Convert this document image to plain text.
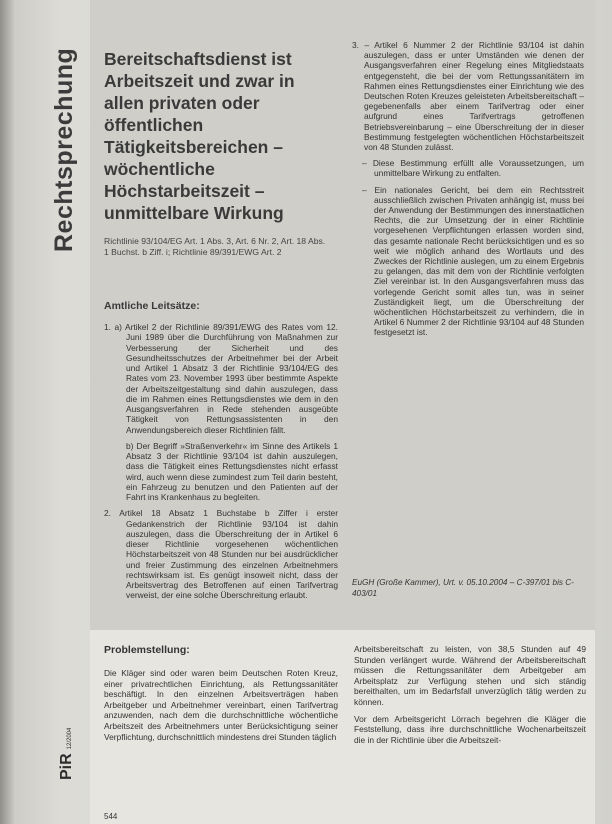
Rechtsprechung Bereitschaftsdienst ist Arbeitszeit und zwar in allen privaten oder öffentlichen Tätigkeitsbereichen – wöchentliche Höchstarbeitszeit – unmittelbare Wirkung
Richtlinie 93/104/EG Art. 1 Abs. 3, Art. 6 Nr. 2, Art. 18 Abs. 1 Buchst. b Ziff. i; Richtlinie 89/391/EWG Art. 2
Amtliche Leitsätze:

1. a) Artikel 2 der Richtlinie 89/391/EWG des Rates vom 12. Juni 1989 über die Durchführung von Maßnahmen zur Verbesserung der Sicherheit und des Gesundheitsschutzes der Arbeitnehmer bei der Arbeit und Artikel 1 Absatz 3 der Richtlinie 93/104/EG des Rates vom 23. November 1993 über bestimmte Aspekte der Arbeitszeitgestaltung sind dahin auszulegen, dass die im Rahmen eines Rettungsdienstes wie dem in den Ausgangsverfahren in Rede stehenden ausgeübte Tätigkeit von Rettungsassistenten in den Anwendungsbereich dieser Richtlinien fällt.

b) Der Begriff »Straßenverkehr« im Sinne des Artikels 1 Absatz 3 der Richtlinie 93/104 ist dahin auszulegen, dass die Tätigkeit eines Rettungsdienstes nicht erfasst wird, auch wenn diese zumindest zum Teil darin besteht, ein Fahrzeug zu benutzen und den Patienten auf der Fahrt ins Krankenhaus zu begleiten.

2. Artikel 18 Absatz 1 Buchstabe b Ziffer i erster Gedankenstrich der Richtlinie 93/104 ist dahin auszulegen, dass die Überschreitung der in Artikel 6 dieser Richtlinie vorgesehenen wöchentlichen Höchstarbeitszeit von 48 Stunden nur bei ausdrücklicher und freier Zustimmung des einzelnen Arbeitnehmers rechtswirksam ist. Es genügt insoweit nicht, dass der Arbeitsvertrag des Betroffenen auf einen Tarifvertrag verweist, der eine solche Überschreitung erlaubt.

3. – Artikel 6 Nummer 2 der Richtlinie 93/104 ist dahin auszulegen, dass er unter Umständen wie denen der Ausgangsverfahren einer Regelung eines Mitgliedstaats entgegensteht, die bei der vom Rettungssanitätern im Rahmen eines Rettungsdienstes einer Einrichtung wie des Deutschen Roten Kreuzes geleisteten Arbeitsbereitschaft – gegebenenfalls aber einem Tarifvertrag oder einer aufgrund eines Tarifvertrags getroffenen Betriebsvereinbarung – eine Überschreitung der in dieser Bestimmung festgelegten wöchentlichen Höchstarbeitszeit von 48 Stunden zulässt.

– Diese Bestimmung erfüllt alle Voraussetzungen, um unmittelbare Wirkung zu entfalten.

– Ein nationales Gericht, bei dem ein Rechtsstreit ausschließlich zwischen Privaten anhängig ist, muss bei der Anwendung der Bestimmungen des innerstaatlichen Rechts, die zur Umsetzung der in einer Richtlinie vorgesehenen Verpflichtungen erlassen worden sind, das gesamte nationale Recht berücksichtigen und es so weit wie möglich anhand des Wortlauts und des Zweckes der Richtlinie auslegen, um zu einem Ergebnis zu gelangen, das mit dem von der Richtlinie verfolgten Ziel vereinbar ist. In den Ausgangsverfahren muss das vorlegende Gericht somit alles tun, was in seiner Zuständigkeit liegt, um die Überschreitung der wöchentlichen Höchstarbeitszeit zu verhindern, die in Artikel 6 Nummer 2 der Richtlinie 93/104 auf 48 Stunden festgesetzt ist.

EuGH (Große Kammer), Urt. v. 05.10.2004 – C-397/01 bis C-403/01
Problemstellung:

Die Kläger sind oder waren beim Deutschen Roten Kreuz, einer privatrechtlichen Einrichtung, als Rettungssanitäter beschäftigt. In den einzelnen Arbeitsverträgen haben Arbeitgeber und Arbeitnehmer vereinbart, einen Tarifvertrag anzuwenden, nach dem die durchschnittliche wöchentliche Arbeitszeit des Arbeitnehmers unter Berücksichtigung seiner Verpflichtung, durchschnittlich mindestens drei Stunden täglich

Arbeitsbereitschaft zu leisten, von 38,5 Stunden auf 49 Stunden verlängert wurde. Während der Arbeitsbereitschaft müssen die Rettungssanitäter dem Arbeitgeber am Arbeitsplatz zur Verfügung stehen und sich ständig bereithalten, um im Bedarfsfall unverzüglich tätig werden zu können.

Vor dem Arbeitsgericht Lörrach begehren die Kläger die Feststellung, dass ihre durchschnittliche Wochenarbeitszeit die in der Richtlinie über die Arbeitszeit-

PiR12/2004
544
